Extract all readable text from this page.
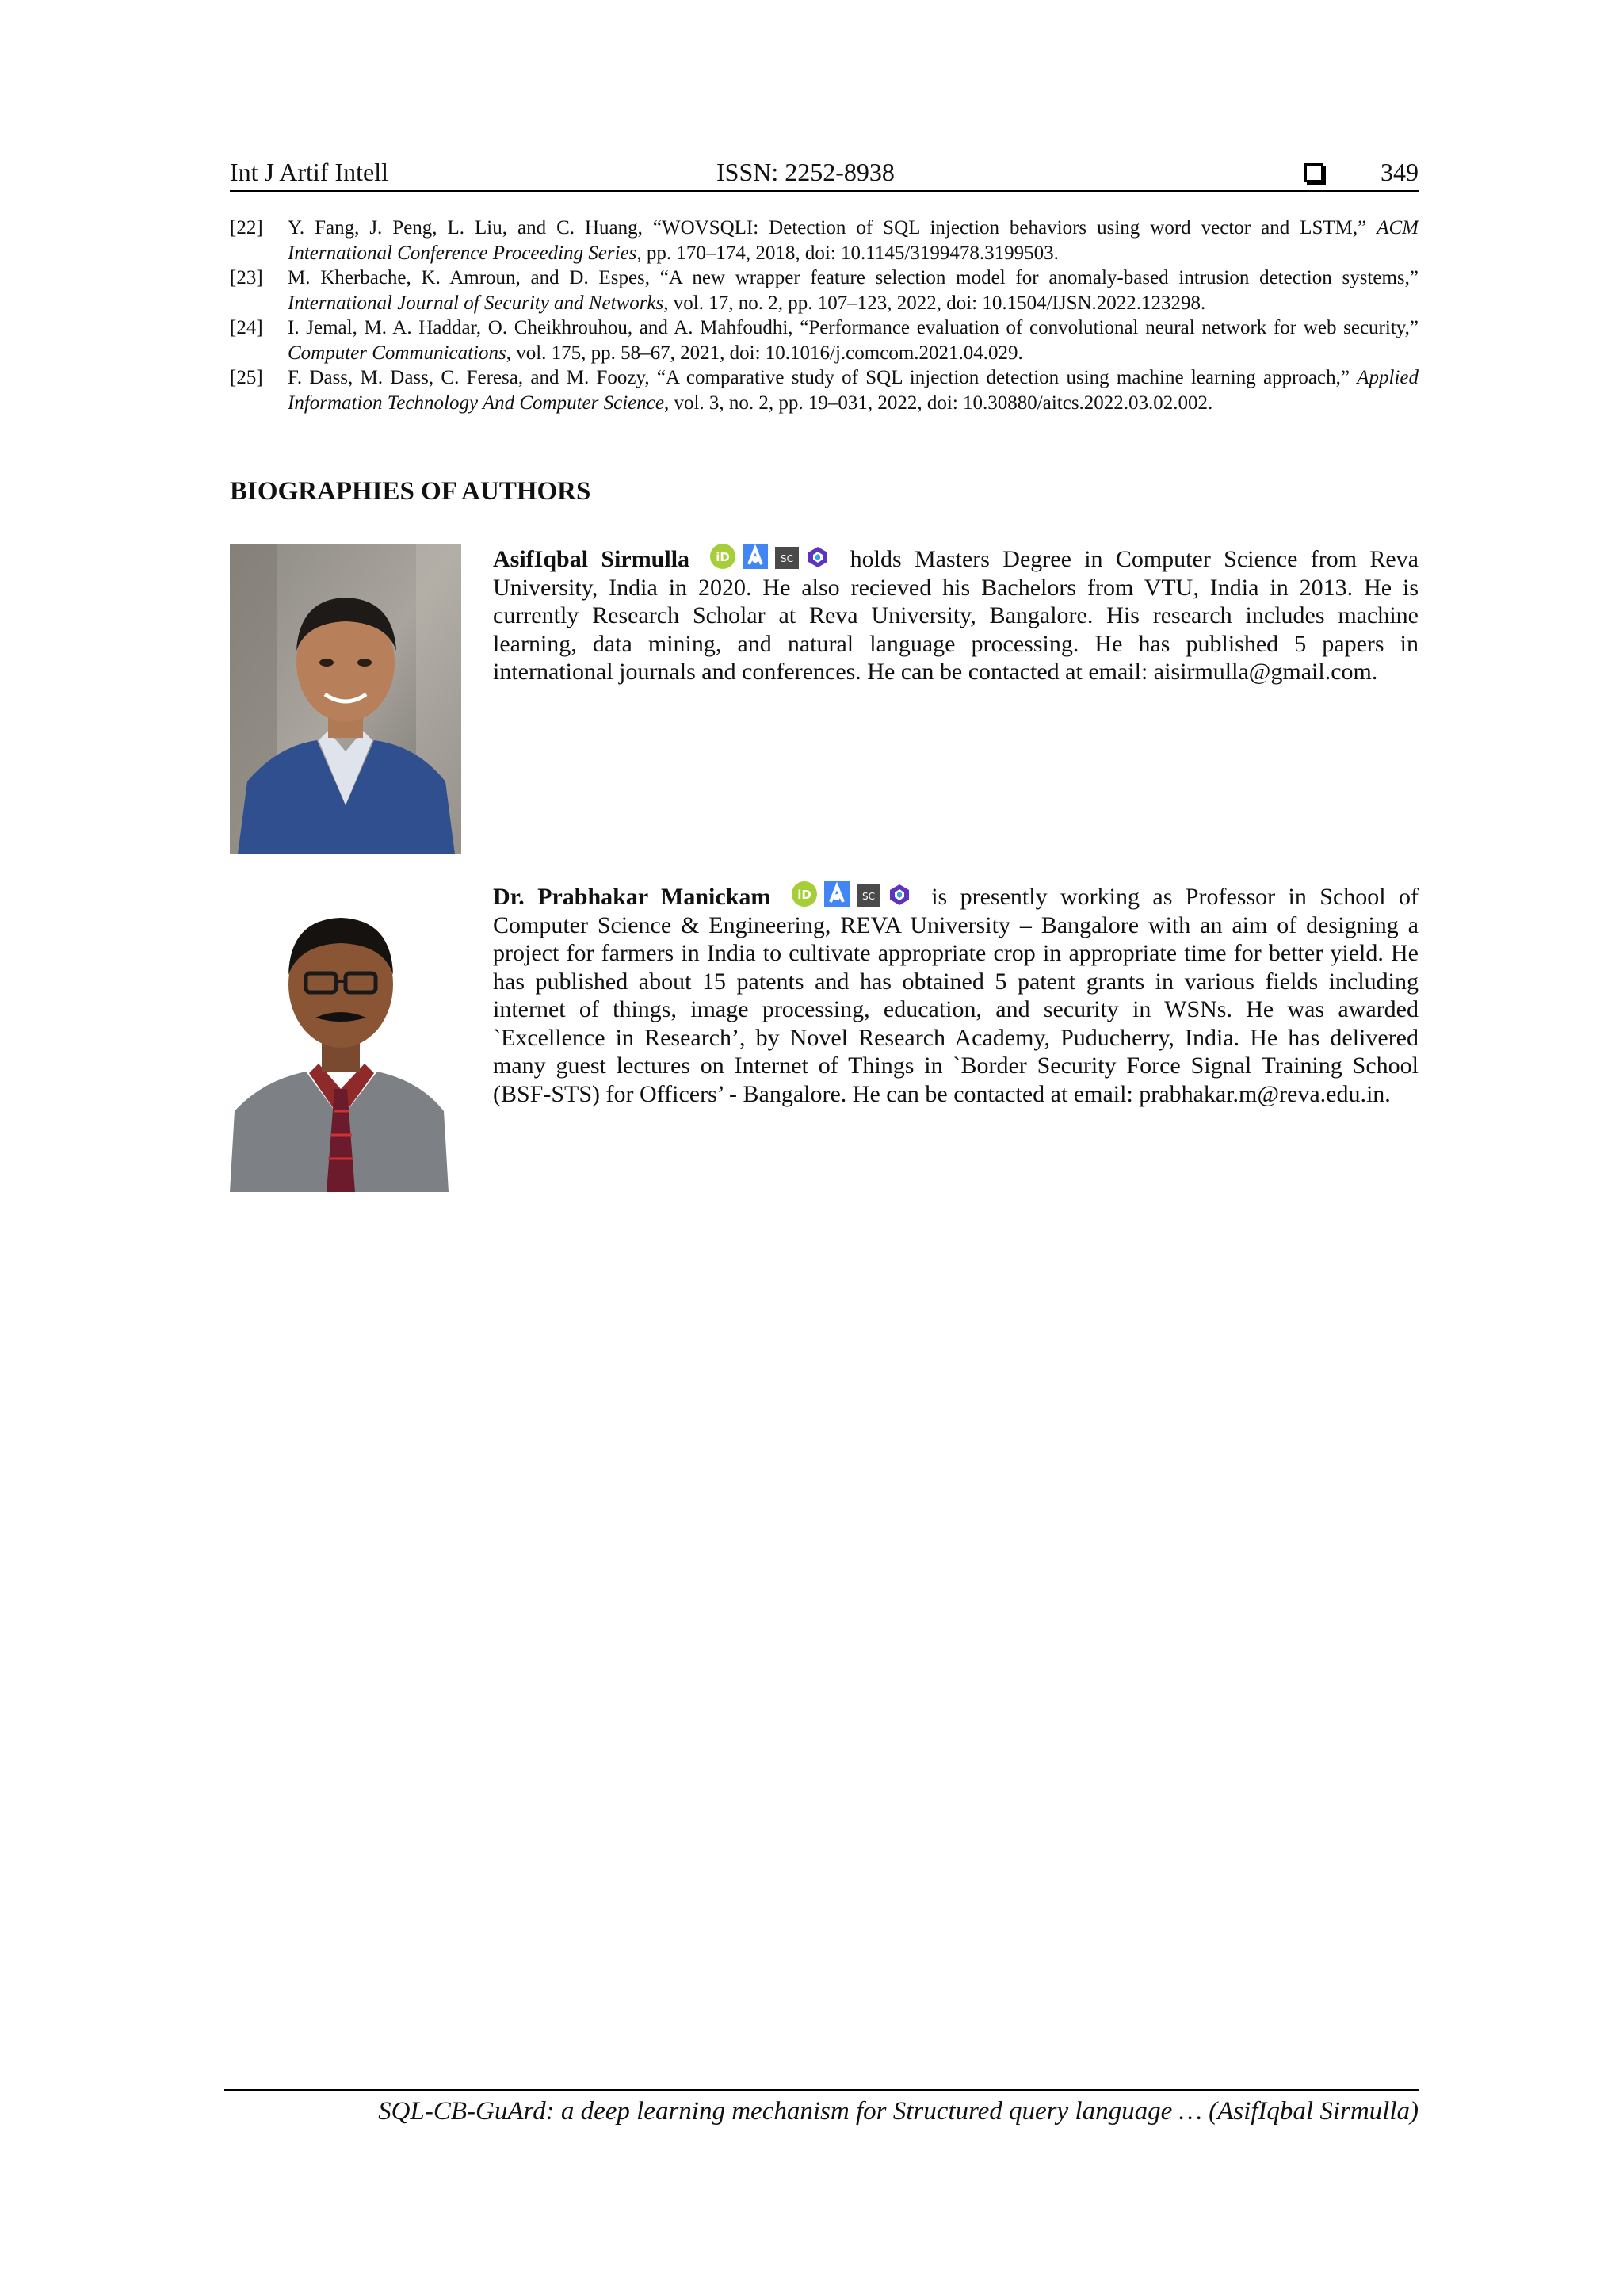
Int J Artif Intell	ISSN: 2252-8938	349
[22] Y. Fang, J. Peng, L. Liu, and C. Huang, “WOVSQLI: Detection of SQL injection behaviors using word vector and LSTM,” ACM International Conference Proceeding Series, pp. 170–174, 2018, doi: 10.1145/3199478.3199503.
[23] M. Kherbache, K. Amroun, and D. Espes, “A new wrapper feature selection model for anomaly-based intrusion detection systems,” International Journal of Security and Networks, vol. 17, no. 2, pp. 107–123, 2022, doi: 10.1504/IJSN.2022.123298.
[24] I. Jemal, M. A. Haddar, O. Cheikhrouhou, and A. Mahfoudhi, “Performance evaluation of convolutional neural network for web security,” Computer Communications, vol. 175, pp. 58–67, 2021, doi: 10.1016/j.comcom.2021.04.029.
[25] F. Dass, M. Dass, C. Feresa, and M. Foozy, “A comparative study of SQL injection detection using machine learning approach,” Applied Information Technology And Computer Science, vol. 3, no. 2, pp. 19–031, 2022, doi: 10.30880/aitcs.2022.03.02.002.
BIOGRAPHIES OF AUTHORS
AsifIqbal Sirmulla iD	SC holds Masters Degree in Computer Science from Reva University, India in 2020. He also recieved his Bachelors from VTU, India in 2013. He is currently Research Scholar at Reva University, Bangalore. His research includes machine learning, data mining, and natural language processing. He has published 5 papers in international journals and conferences. He can be contacted at email: aisirmulla@gmail.com.
Dr. Prabhakar Manickam iD	SC is presently working as Professor in School of Computer Science & Engineering, REVA University – Bangalore with an aim of designing a project for farmers in India to cultivate appropriate crop in appropriate time for better yield. He has published about 15 patents and has obtained 5 patent grants in various fields including internet of things, image processing, education, and security in WSNs. He was awarded `Excellence in Research’, by Novel Research Academy, Puducherry, India. He has delivered many guest lectures on Internet of Things in `Border Security Force Signal Training School (BSF-STS) for Officers’ - Bangalore. He can be contacted at email: prabhakar.m@reva.edu.in.
SQL-CB-GuArd: a deep learning mechanism for Structured query language … (AsifIqbal Sirmulla)
